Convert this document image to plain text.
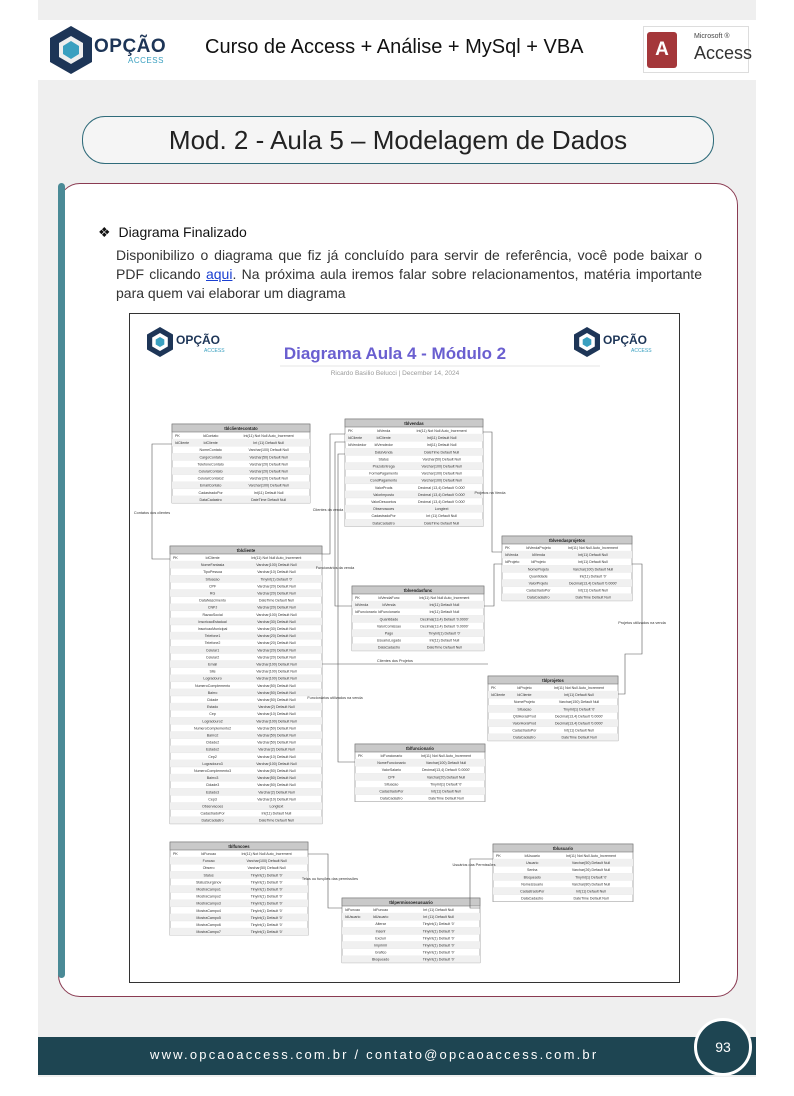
OPÇÃO
ACCESS
Curso de Access + Análise + MySql + VBA	A
Microsoft ®
Access
Mod. 2 - Aula 5 – Modelagem de Dados
❖ Diagrama Finalizado
Disponibilizo o diagrama que fiz já concluído para servir de referência, você pode baixar o PDF clicando aqui. Na próxima aula iremos falar sobre relacionamentos, matéria importante para quem vai elaborar um diagrama
OPÇÃO
ACCESS
OPÇÃO
ACCESS
Diagrama Aula 4 - Módulo 2
Ricardo Basilio Belucci | December 14, 2024
tblclientecontato
PK	IdContato	Int(11) Not Null Auto_Increment
IdCliente	IdCliente	Int (11) Default Null
NomeContato	Varchar(100) Default Null
CargoContato	Varchar(50) Default Null
TelefoneContato	Varchar(20) Default Null
CelularContato	Varchar(20) Default Null
CelularContato2	Varchar(20) Default Null
EmailContato	Varchar(100) Default Null
CadastradoPor	Int(11) Default Null
DataCadastro	DateTime Default Null
tblvendas
PK	IdVenda	Int(11) Not Null Auto_Increment
IdCliente	IdCliente	Int(11) Default Null
IdVendedor IdVendedor	Int(11) Default Null
DataVenda	DateTime Default Null
Status	Varchar(50) Default Null
PrazoEntrega	Varchar(100) Default Null
FormaPagamento	Varchar(100) Default Null
CondPagamento	Varchar(100) Default Null
ValorProds	Decimal (13,4) Default '0.000'
ValorImposto	Decimal (13,4) Default '0.000'
ValorDescontos	Decimal (13,4) Default '0.000'
Observacoes	Longtext
CadastradoPor	Int (11) Default Null
DataCadastro	DateTime Default Null
tblcliente
PK	IdCliente	Int(11) Not Null Auto_Increment
NomeFantasia	Varchar(100) Default Null
TipoPessoa	Varchar(10) Default Null
Situacao	TinyInt(1) Default '0'
CPF	Varchar(20) Default Null
RG	Varchar(20) Default Null
DataNascimento	DateTime Default Null
CNPJ	Varchar(20) Default Null
RazaoSocial	Varchar(100) Default Null
InscricaoEstadual	Varchar(30) Default Null
InscricaoMunicipal	Varchar(30) Default Null
Telefone1	Varchar(20) Default Null
Telefone2	Varchar(20) Default Null
Celular1	Varchar(20) Default Null
Celular2	Varchar(20) Default Null
Email	Varchar(100) Default Null
Site	Varchar(100) Default Null
Logradouro	Varchar(100) Default Null
NumeroComplemento	Varchar(50) Default Null
Bairro	Varchar(50) Default Null
Cidade	Varchar(50) Default Null
Estado	Varchar(2) Default Null
Cep	Varchar(10) Default Null
Logradouro2	Varchar(100) Default Null
NumeroComplemento2	Varchar(50) Default Null
Bairro2	Varchar(50) Default Null
Cidade2	Varchar(50) Default Null
Estado2	Varchar(2) Default Null
Cep2	Varchar(10) Default Null
Logradouro3	Varchar(100) Default Null
NumeroComplemento3	Varchar(50) Default Null
Bairro3	Varchar(50) Default Null
Cidade3	Varchar(50) Default Null
Estado3	Varchar(2) Default Null
Cep3	Varchar(10) Default Null
Observacoes	Longtext
CadastradoPor	Int(11) Default Null
DataCadastro	DateTime Default Null
tblvendasprojetos
PK	IdVendaProjeto	Int(11) Not Null Auto_Increment
IdVenda	IdVenda	Int(11) Default Null
IdProjeto	IdProjeto	Int(11) Default Null
NomeProjeto	Varchar(100) Default Null
Quantidade	Int(11) Default '0'
ValorProjeto	Decimal(13,4) Default '0.0000'
CadastradoPor	Int(11) Default Null
DataCadastro	DateTime Default Null
tblvendasfunc
PK	IdVendaFunc	Int(11) Not Null Auto_Increment
IdVenda	IdVenda	Int(11) Default Null
IdFuncionario IdFuncionario	Int(11) Default Null
Quantidade	Decimal(13,4) Default '0.0000'
ValorComissao	Decimal(13,4) Default '0.0000'
Pago	TinyInt(1) Default '0'
UsuarioLogado	Int(11) Default Null
DataCadastro	DateTime Default Null
tblprojetos
PK	IdProjeto	Int(11) Not Null Auto_Increment
IdCliente	IdCliente	Int(11) Default Null
NomeProjeto	Varchar(150) Default Null
Situacao	TinyInt(1) Default '0'
QtdHorasProd	Decimal(13,4) Default '0.0000'
ValorHoraProd	Decimal(13,4) Default '0.0000'
CadastradoPor	Int(11) Default Null
DataCadastro	DateTime Default Null
tblfuncionario
PK	IdFuncionario	Int(11) Not Null Auto_Increment
NomeFuncionario	Varchar(100) Default Null
ValorSalario	Decimal(13,4) Default '0.0000'
CPF	Varchar(20) Default Null
Situacao	TinyInt(1) Default '0'
CadastradoPor	Int(11) Default Null
DataCadastro	DateTime Default Null
tblfuncoes
PK	IdFuncao	Int(11) Not Null Auto_Increment
Funcao	Varchar(100) Default Null
Obsero	Varchar(50) Default Null
Status	TinyInt(1) Default '0'
StatusSurgsnov	TinyInt(1) Default '0'
MostraCampo1	TinyInt(1) Default '0'
MostraCampo2	TinyInt(1) Default '0'
MostraCampo3	TinyInt(1) Default '0'
MostraCampo4	TinyInt(1) Default '0'
MostraCampo5	TinyInt(1) Default '0'
MostraCampo6	TinyInt(1) Default '0'
MostraCampo7	TinyInt(1) Default '0'
tblpermissoesusuario
IdFuncao	IdFuncao	Int (11) Default Null
IdUsuario	IdUsuario	Int (11) Default Null
Alterar	TinyInt(1) Default '0'
Inserir	TinyInt(1) Default '0'
Excluir	TinyInt(1) Default '0'
Imprimir	TinyInt(1) Default '0'
Grafico	TinyInt(1) Default '0'
Bloqueado	TinyInt(1) Default '0'
tblusuario
PK	IdUsuario	Int(11) Not Null Auto_Increment
Usuario	Varchar(50) Default Null
Senha	Varchar(26) Default Null
Bloqueado	TinyInt(1) Default '0'
NomeUsuario	Varchar(80) Default Null
CadastradoPor	Int(11) Default Null
DataCadastro	DateTime Default Null
Contatos dos clientes
Clientes da venda
Projetos na Venda
Funcionários da venda
Projetos utilizados na venda
Clientes dos Projetos
Funcionários utilizados na venda
Telas ou funções das permissões
Usuários das Permissões
www.opcaoaccess.com.br / contato@opcaoaccess.com.br	93
